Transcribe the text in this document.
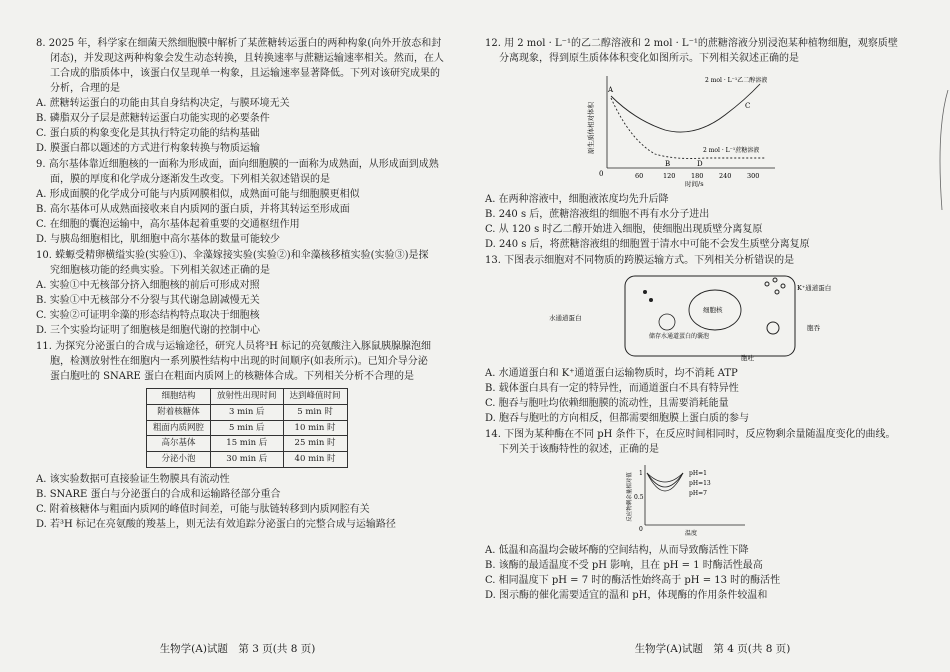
8. 2025 年，科学家在细菌天然细胞膜中解析了某蔗糖转运蛋白的两种构象(向外开放态和封

闭态)，并发现这两种构象会发生动态转换，且转换速率与蔗糖运输速率相关。然而，在人

工合成的脂质体中，该蛋白仅呈现单一构象，且运输速率显著降低。下列对该研究成果的

分析，合理的是

A. 蔗糖转运蛋白的功能由其自身结构决定，与膜环境无关

B. 磷脂双分子层是蔗糖转运蛋白功能实现的必要条件

C. 蛋白质的构象变化是其执行特定功能的结构基础

D. 膜蛋白都以题述的方式进行构象转换与物质运输

9. 高尔基体靠近细胞核的一面称为形成面，面向细胞膜的一面称为成熟面，从形成面到成熟

面，膜的厚度和化学成分逐渐发生改变。下列相关叙述错误的是

A. 形成面膜的化学成分可能与内质网膜相似，成熟面可能与细胞膜更相似

B. 高尔基体可从成熟面接收来自内质网的蛋白质，并将其转运至形成面

C. 在细胞的囊泡运输中，高尔基体起着重要的交通枢纽作用

D. 与胰岛细胞相比，肌细胞中高尔基体的数量可能较少

10. 蝾螈受精卵横缢实验(实验①)、伞藻嫁接实验(实验②)和伞藻核移植实验(实验③)是探

究细胞核功能的经典实验。下列相关叙述正确的是

A. 实验①中无核部分挤入细胞核的前后可形成对照

B. 实验①中无核部分不分裂与其代谢急剧减慢无关

C. 实验②可证明伞藻的形态结构特点取决于细胞核

D. 三个实验均证明了细胞核是细胞代谢的控制中心

11. 为探究分泌蛋白的合成与运输途径，研究人员将³H 标记的亮氨酸注入豚鼠胰腺腺泡细

胞，检测放射性在细胞内一系列膜性结构中出现的时间顺序(如表所示)。已知介导分泌

蛋白胞吐的 SNARE 蛋白在粗面内质网上的核糖体合成。下列相关分析不合理的是

细胞结构	放射性出现时间	达到峰值时间
附着核糖体	3 min 后	5 min 时
粗面内质网腔	5 min 后	10 min 时
高尔基体	15 min 后	25 min 时
分泌小泡	30 min 后	40 min 时

A. 该实验数据可直接验证生物膜具有流动性

B. SNARE 蛋白与分泌蛋白的合成和运输路径部分重合

C. 附着核糖体与粗面内质网的峰值时间差，可能与肽链转移到内质网腔有关

D. 若³H 标记在亮氨酸的羧基上，则无法有效追踪分泌蛋白的完整合成与运输路径

生物学(A)试题　第 3 页(共 8 页)

12. 用 2 mol · L⁻¹的乙二醇溶液和 2 mol · L⁻¹的蔗糖溶液分别浸泡某种植物细胞，观察质壁

分离现象，得到原生质体体积变化如图所示。下列相关叙述正确的是

原生质体相对体积
0	60	120 180 240 300
时间/s
A
B
C
D
2 mol · L⁻¹乙二醇溶液
2 mol · L⁻¹蔗糖溶液

A. 在两种溶液中，细胞液浓度均先升后降

B. 240 s 后，蔗糖溶液组的细胞不再有水分子进出

C. 从 120 s 时乙二醇开始进入细胞，使细胞出现质壁分离复原

D. 240 s 后，将蔗糖溶液组的细胞置于清水中可能不会发生质壁分离复原

13. 下图表示细胞对不同物质的跨膜运输方式。下列相关分析错误的是

细胞核
储存水通道蛋白的囊泡
水通道蛋白
K⁺通道蛋白
胞吞
胞吐

A. 水通道蛋白和 K⁺通道蛋白运输物质时，均不消耗 ATP

B. 载体蛋白具有一定的特异性，而通道蛋白不具有特异性

C. 胞吞与胞吐均依赖细胞膜的流动性，且需要消耗能量

D. 胞吞与胞吐的方向相反，但都需要细胞膜上蛋白质的参与

14. 下图为某种酶在不同 pH 条件下，在反应时间相同时，反应物剩余量随温度变化的曲线。

下列关于该酶特性的叙述，正确的是

反应物剩余量相对值 1
0.5
0
pH=1
pH=13
pH=7
温度

A. 低温和高温均会破坏酶的空间结构，从而导致酶活性下降

B. 该酶的最适温度不受 pH 影响，且在 pH = 1 时酶活性最高

C. 相同温度下 pH = 7 时的酶活性始终高于 pH = 13 时的酶活性

D. 图示酶的催化需要适宜的温和 pH，体现酶的作用条件较温和

生物学(A)试题　第 4 页(共 8 页)
